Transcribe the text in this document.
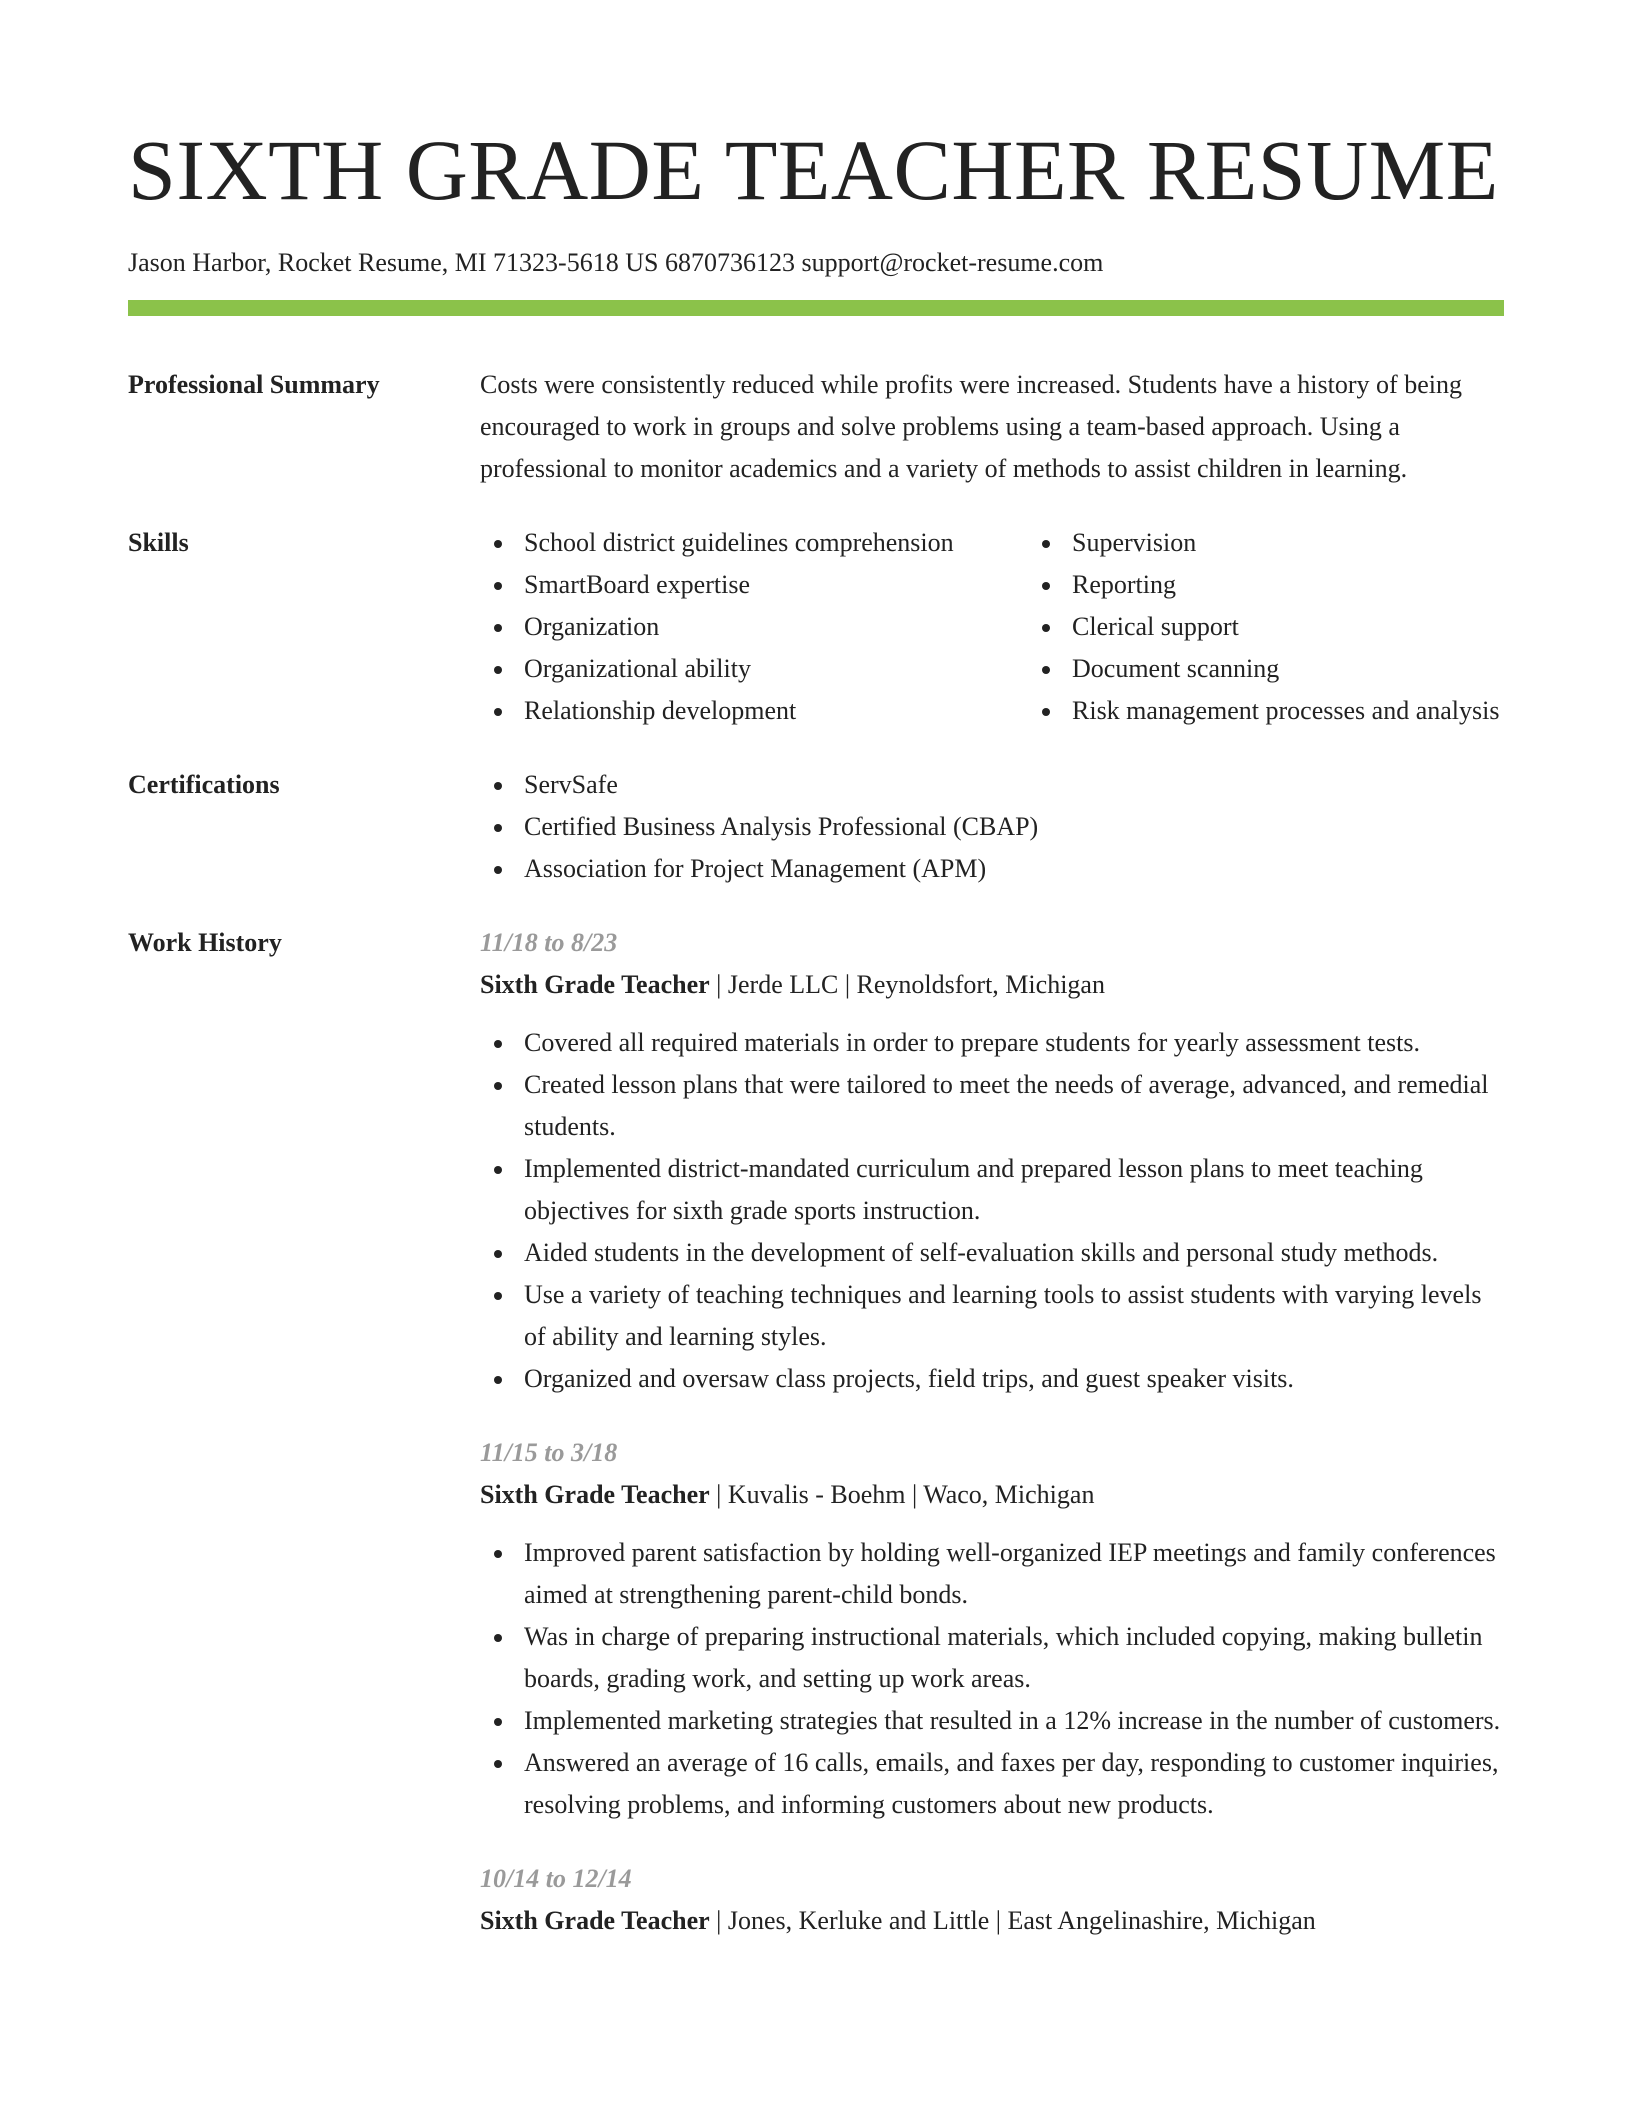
SIXTH GRADE TEACHER RESUME
Jason Harbor, Rocket Resume, MI 71323-5618 US 6870736123 support@rocket-resume.com
Professional Summary	Costs were consistently reduced while profits were increased. Students have a history of being encouraged to work in groups and solve problems using a team-based approach. Using a professional to monitor academics and a variety of methods to assist children in learning.

Skills	School district guidelines comprehension
SmartBoard expertise
Organization
Organizational ability
Relationship development
Supervision
Reporting
Clerical support
Document scanning
Risk management processes and analysis
Certifications	ServSafe
Certified Business Analysis Professional (CBAP)
Association for Project Management (APM)
Work History	11/18 to 8/23
Sixth Grade Teacher | Jerde LLC | Reynoldsfort, Michigan
Covered all required materials in order to prepare students for yearly assessment tests.
Created lesson plans that were tailored to meet the needs of average, advanced, and remedial students.
Implemented district-mandated curriculum and prepared lesson plans to meet teaching objectives for sixth grade sports instruction.
Aided students in the development of self-evaluation skills and personal study methods.
Use a variety of teaching techniques and learning tools to assist students with varying levels of ability and learning styles.
Organized and oversaw class projects, field trips, and guest speaker visits.
11/15 to 3/18
Sixth Grade Teacher | Kuvalis - Boehm | Waco, Michigan
Improved parent satisfaction by holding well-organized IEP meetings and family conferences aimed at strengthening parent-child bonds.
Was in charge of preparing instructional materials, which included copying, making bulletin boards, grading work, and setting up work areas.
Implemented marketing strategies that resulted in a 12% increase in the number of customers.
Answered an average of 16 calls, emails, and faxes per day, responding to customer inquiries, resolving problems, and informing customers about new products.
10/14 to 12/14
Sixth Grade Teacher | Jones, Kerluke and Little | East Angelinashire, Michigan
